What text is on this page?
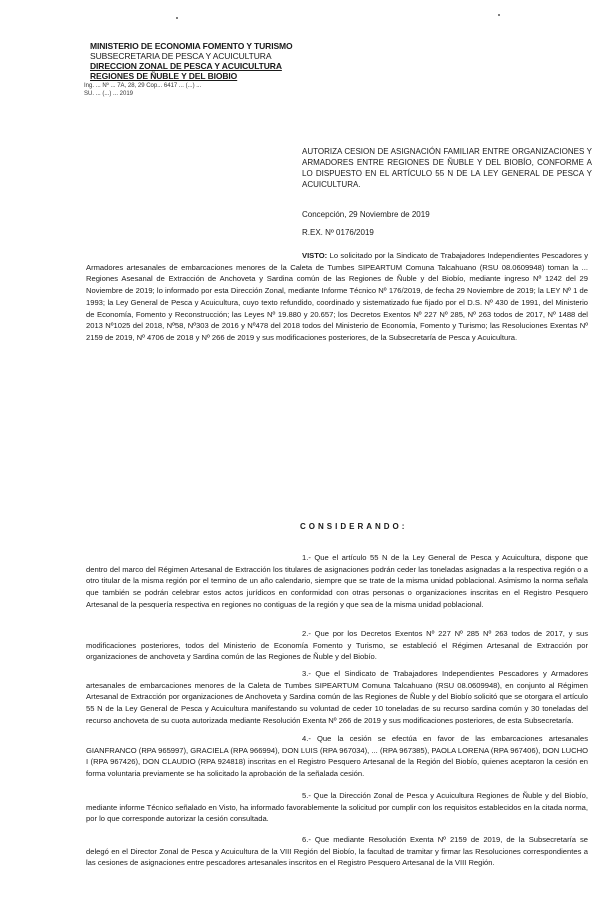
MINISTERIO DE ECONOMIA FOMENTO Y TURISMO
SUBSECRETARIA DE PESCA Y ACUICULTURA
DIRECCION ZONAL DE PESCA Y ACUICULTURA
REGIONES DE ÑUBLE Y DEL BIOBIO
Ing. ... Nº ... 7A, 28, 29 Cop... 6417 ... (...) ...
SU. ... (...) ... 2019
AUTORIZA CESION DE ASIGNACIÓN FAMILIAR ENTRE ORGANIZACIONES Y ARMADORES ENTRE REGIONES DE ÑUBLE Y DEL BIOBÍO, CONFORME A LO DISPUESTO EN EL ARTÍCULO 55 N DE LA LEY GENERAL DE PESCA Y ACUICULTURA.
Concepción, 29 Noviembre de 2019
R.EX. Nº 0176/2019
VISTO: Lo solicitado por la Sindicato de Trabajadores Independientes Pescadores y Armadores artesanales de embarcaciones menores de la Caleta de Tumbes SIPEARTUM Comuna Talcahuano (RSU 08.0609948) toman la ... Regiones Asesanal de Extracción de Anchoveta y Sardina común de las Regiones de Ñuble y del Biobío, mediante ingreso Nº 1242 del 29 Noviembre de 2019; lo informado por esta Dirección Zonal, mediante Informe Técnico Nº 176/2019, de fecha 29 Noviembre de 2019; la LEY Nº 1 de 1993; la Ley General de Pesca y Acuicultura, cuyo texto refundido, coordinado y sistematizado fue fijado por el D.S. Nº 430 de 1991, del Ministerio de Economía, Fomento y Reconstrucción; las Leyes Nº 19.880 y 20.657; los Decretos Exentos Nº 227 Nº 285, Nº 263 todos de 2017, Nº 1488 del 2013 Nº1025 del 2018, Nº58, Nº303 de 2016 y Nº478 del 2018 todos del Ministerio de Economía, Fomento y Turismo; las Resoluciones Exentas Nº 2159 de 2019, Nº 4706 de 2018 y Nº 266 de 2019 y sus modificaciones posteriores, de la Subsecretaría de Pesca y Acuicultura.
CONSIDERANDO:
1.- Que el artículo 55 N de la Ley General de Pesca y Acuicultura, dispone que dentro del marco del Régimen Artesanal de Extracción los titulares de asignaciones podrán ceder las toneladas asignadas a la respectiva región o a otro titular de la misma región por el termino de un año calendario, siempre que se trate de la misma unidad poblacional. Asimismo la norma señala que también se podrán celebrar estos actos jurídicos en conformidad con otras personas o organizaciones inscritas en el Registro Pesquero Artesanal de la pesquería respectiva en regiones no contiguas de la región y que sea de la misma unidad poblacional.
2.- Que por los Decretos Exentos Nº 227 Nº 285 Nº 263 todos de 2017, y sus modificaciones posteriores, todos del Ministerio de Economía Fomento y Turismo, se estableció el Régimen Artesanal de Extracción por organizaciones de anchoveta y Sardina común de las Regiones de Ñuble y del Biobío.
3.- Que el Sindicato de Trabajadores Independientes Pescadores y Armadores artesanales de embarcaciones menores de la Caleta de Tumbes SIPEARTUM Comuna Talcahuano (RSU 08.0609948), en conjunto al Régimen Artesanal de Extracción por organizaciones de Anchoveta y Sardina común de las Regiones de Ñuble y del Biobío solicitó que se otorgara el artículo 55 N de la Ley General de Pesca y Acuicultura manifestando su voluntad de ceder 10 toneladas de su recurso sardina común y 30 toneladas del recurso anchoveta de su cuota autorizada mediante Resolución Exenta Nº 266 de 2019 y sus modificaciones posteriores, de esta Subsecretaría.
4.- Que la cesión se efectúa en favor de las embarcaciones artesanales GIANFRANCO (RPA 965997), GRACIELA (RPA 966994), DON LUIS (RPA 967034), ... (RPA 967385), PAOLA LORENA (RPA 967406), DON LUCHO I (RPA 967426), DON CLAUDIO (RPA 924818) inscritas en el Registro Pesquero Artesanal de la Región del Biobío, quienes aceptaron la cesión en forma voluntaria previamente se ha solicitado la aprobación de la señalada cesión.
5.- Que la Dirección Zonal de Pesca y Acuicultura Regiones de Ñuble y del Biobío, mediante informe Técnico señalado en Visto, ha informado favorablemente la solicitud por cumplir con los requisitos establecidos en la citada norma, por lo que corresponde autorizar la cesión consultada.
6.- Que mediante Resolución Exenta Nº 2159 de 2019, de la Subsecretaría se delegó en el Director Zonal de Pesca y Acuicultura de la VIII Región del Biobío, la facultad de tramitar y firmar las Resoluciones correspondientes a las cesiones de asignaciones entre pescadores artesanales inscritos en el Registro Pesquero Artesanal de la VIII Región.
